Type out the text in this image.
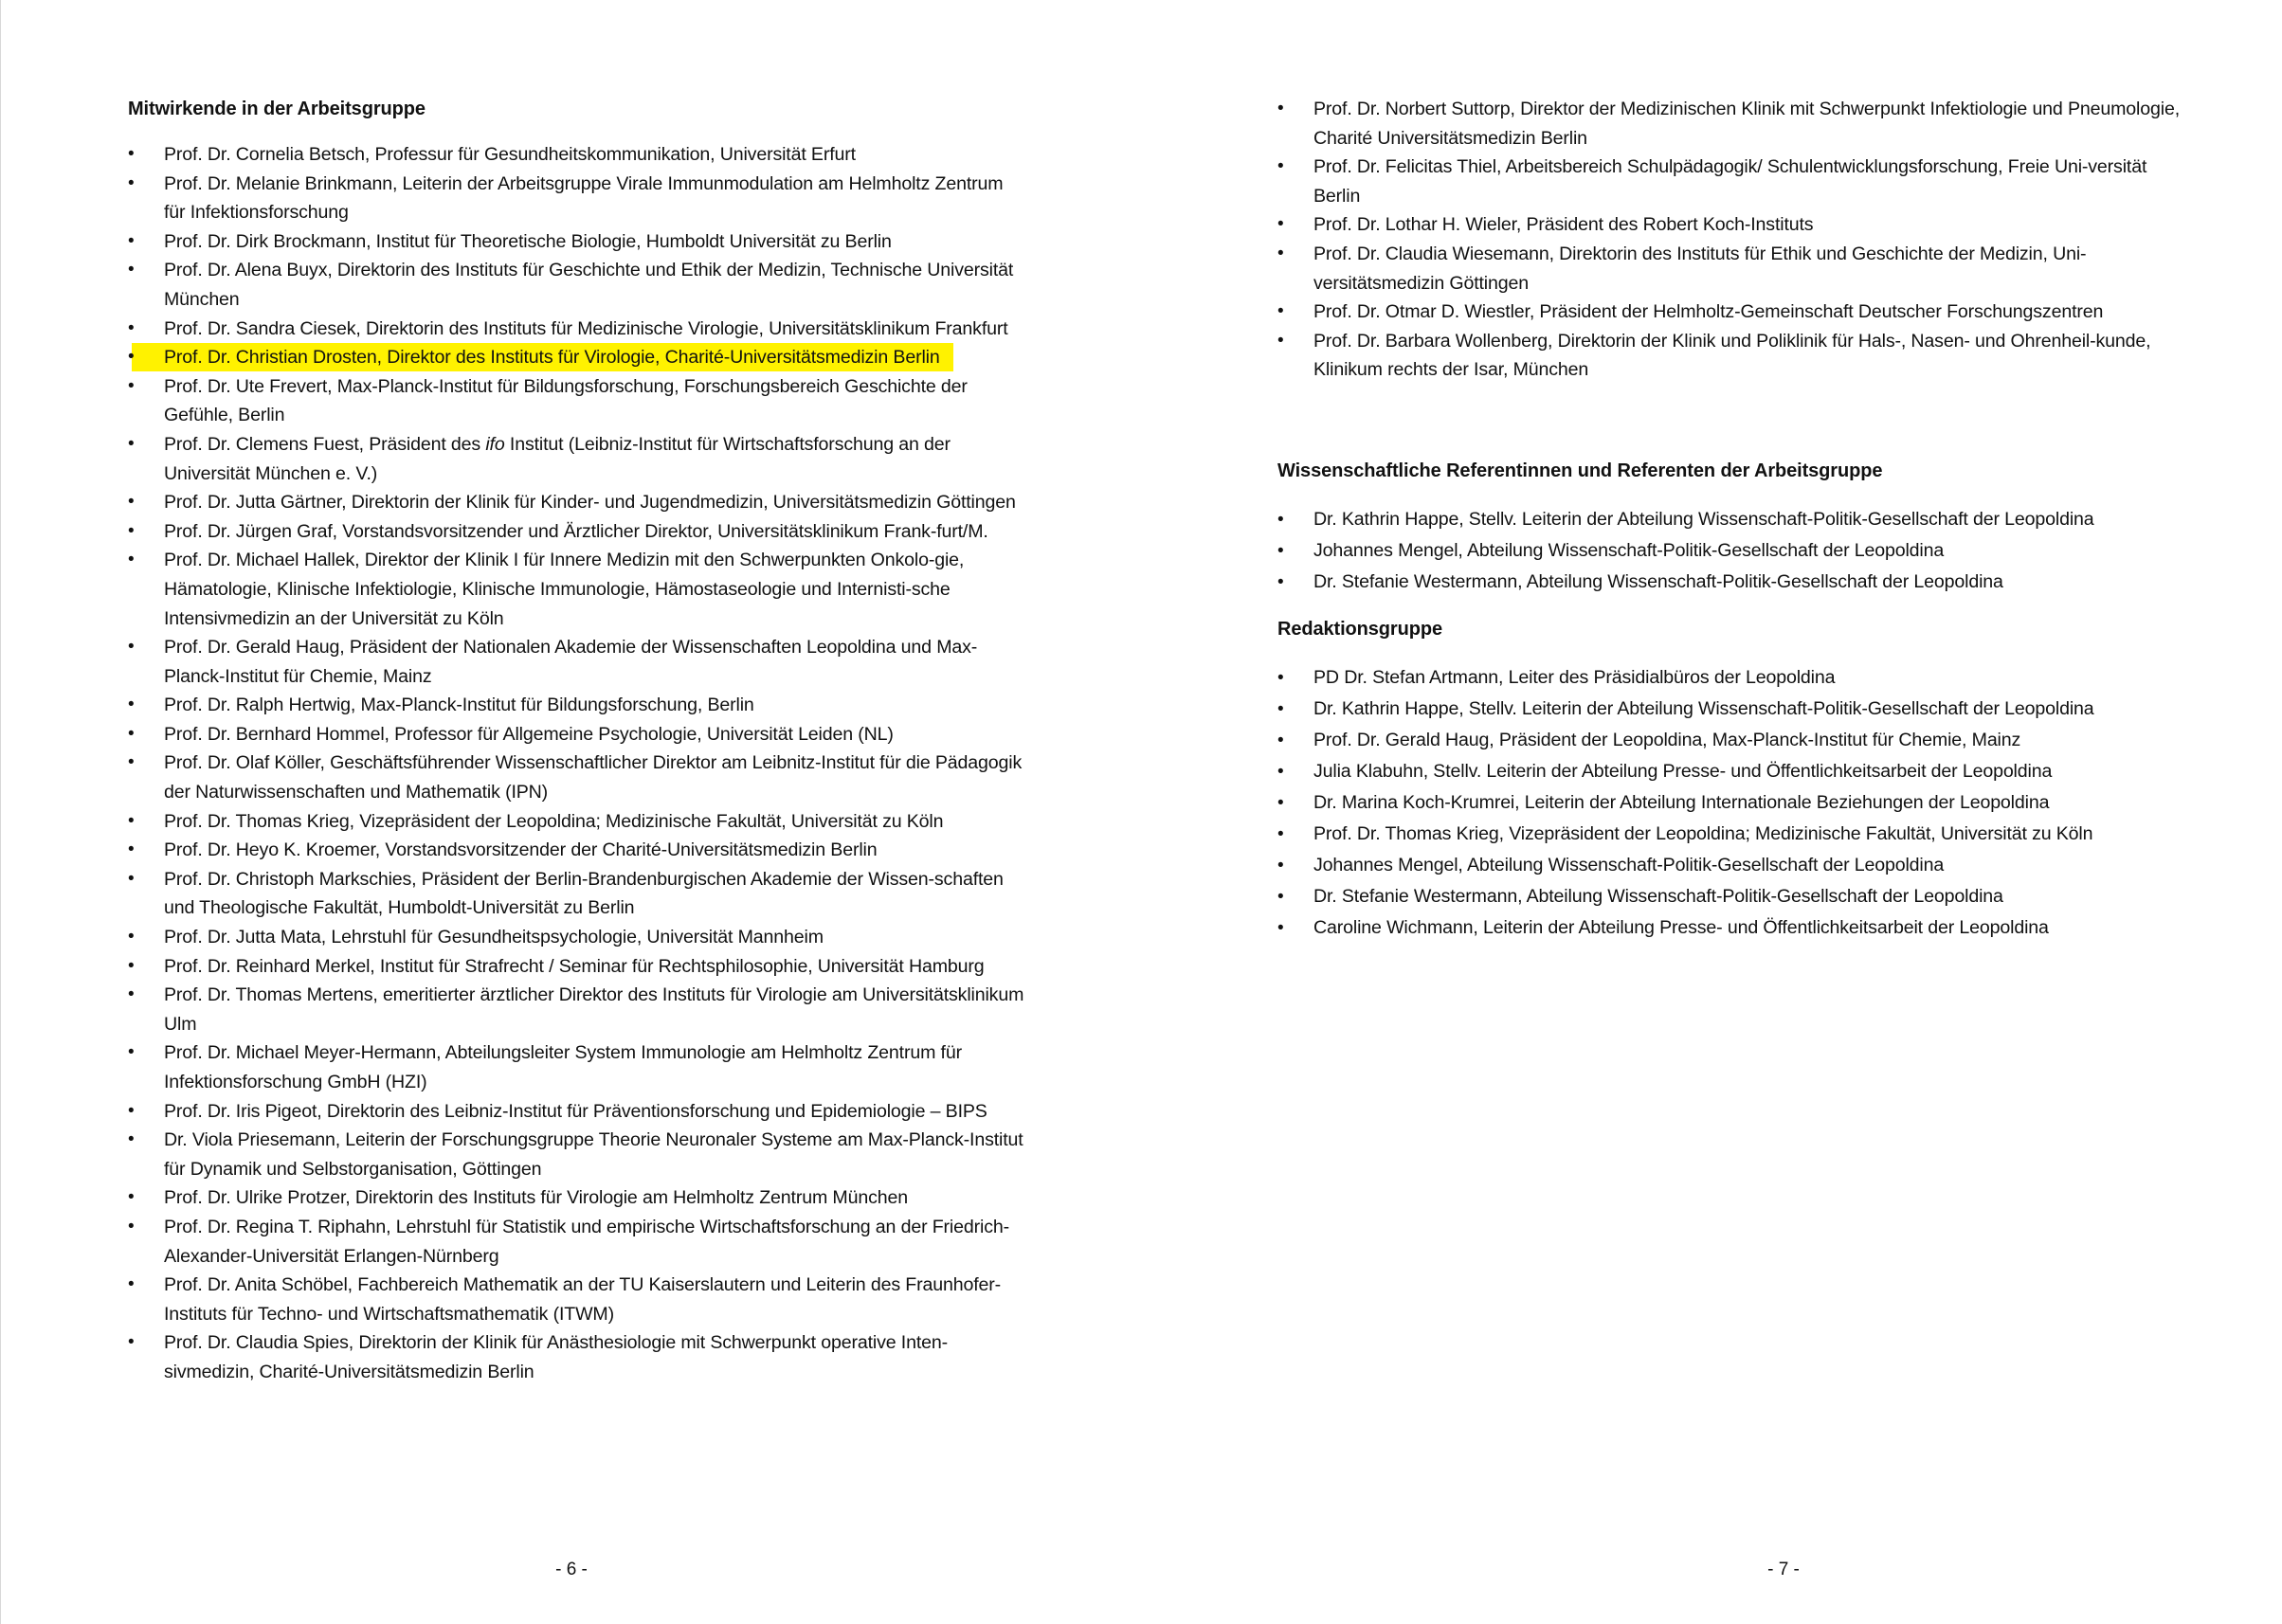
Mitwirkende in der Arbeitsgruppe
•	Prof. Dr. Cornelia Betsch, Professur für Gesundheitskommunikation, Universität Erfurt
•	Prof. Dr. Melanie Brinkmann, Leiterin der Arbeitsgruppe Virale Immunmodulation am Helmholtz Zentrum für Infektionsforschung
•	Prof. Dr. Dirk Brockmann, Institut für Theoretische Biologie, Humboldt Universität zu Berlin
•	Prof. Dr. Alena Buyx, Direktorin des Instituts für Geschichte und Ethik der Medizin, Technische Universität München
•	Prof. Dr. Sandra Ciesek, Direktorin des Instituts für Medizinische Virologie, Universitätsklinikum Frankfurt
•	Prof. Dr. Christian Drosten, Direktor des Instituts für Virologie, Charité-Universitätsmedizin Berlin
•	Prof. Dr. Ute Frevert, Max-Planck-Institut für Bildungsforschung, Forschungsbereich Geschichte der Gefühle, Berlin
•	Prof. Dr. Clemens Fuest, Präsident des ifo Institut (Leibniz-Institut für Wirtschaftsforschung an der Universität München e. V.)
•	Prof. Dr. Jutta Gärtner, Direktorin der Klinik für Kinder- und Jugendmedizin, Universitätsmedizin Göttingen
•	Prof. Dr. Jürgen Graf, Vorstandsvorsitzender und Ärztlicher Direktor, Universitätsklinikum Frank-furt/M.
•	Prof. Dr. Michael Hallek, Direktor der Klinik I für Innere Medizin mit den Schwerpunkten Onkolo-gie, Hämatologie, Klinische Infektiologie, Klinische Immunologie, Hämostaseologie und Internisti-sche Intensivmedizin an der Universität zu Köln
•	Prof. Dr. Gerald Haug, Präsident der Nationalen Akademie der Wissenschaften Leopoldina und Max-Planck-Institut für Chemie, Mainz
•	Prof. Dr. Ralph Hertwig, Max-Planck-Institut für Bildungsforschung, Berlin
•	Prof. Dr. Bernhard Hommel, Professor für Allgemeine Psychologie, Universität Leiden (NL)
•	Prof. Dr. Olaf Köller, Geschäftsführender Wissenschaftlicher Direktor am Leibnitz-Institut für die Pädagogik der Naturwissenschaften und Mathematik (IPN)
•	Prof. Dr. Thomas Krieg, Vizepräsident der Leopoldina; Medizinische Fakultät, Universität zu Köln
•	Prof. Dr. Heyo K. Kroemer, Vorstandsvorsitzender der Charité-Universitätsmedizin Berlin
•	Prof. Dr. Christoph Markschies, Präsident der Berlin-Brandenburgischen Akademie der Wissen-schaften und Theologische Fakultät, Humboldt-Universität zu Berlin
•	Prof. Dr. Jutta Mata, Lehrstuhl für Gesundheitspsychologie, Universität Mannheim
•	Prof. Dr. Reinhard Merkel, Institut für Strafrecht / Seminar für Rechtsphilosophie, Universität Hamburg
•	Prof. Dr. Thomas Mertens, emeritierter ärztlicher Direktor des Instituts für Virologie am Universitätsklinikum Ulm
•	Prof. Dr. Michael Meyer-Hermann, Abteilungsleiter System Immunologie am Helmholtz Zentrum für Infektionsforschung GmbH (HZI)
•	Prof. Dr. Iris Pigeot, Direktorin des Leibniz-Institut für Präventionsforschung und Epidemiologie – BIPS
•	Dr. Viola Priesemann, Leiterin der Forschungsgruppe Theorie Neuronaler Systeme am Max-Planck-Institut für Dynamik und Selbstorganisation, Göttingen
•	Prof. Dr. Ulrike Protzer, Direktorin des Instituts für Virologie am Helmholtz Zentrum München
•	Prof. Dr. Regina T. Riphahn, Lehrstuhl für Statistik und empirische Wirtschaftsforschung an der Friedrich-Alexander-Universität Erlangen-Nürnberg
•	Prof. Dr. Anita Schöbel, Fachbereich Mathematik an der TU Kaiserslautern und Leiterin des Fraunhofer-Instituts für Techno- und Wirtschaftsmathematik (ITWM)
•	Prof. Dr. Claudia Spies, Direktorin der Klinik für Anästhesiologie mit Schwerpunkt operative Inten-sivmedizin, Charité-Universitätsmedizin Berlin
- 6 -
•	Prof. Dr. Norbert Suttorp, Direktor der Medizinischen Klinik mit Schwerpunkt Infektiologie und Pneumologie, Charité Universitätsmedizin Berlin
•	Prof. Dr. Felicitas Thiel, Arbeitsbereich Schulpädagogik/ Schulentwicklungsforschung, Freie Uni-versität Berlin
•	Prof. Dr. Lothar H. Wieler, Präsident des Robert Koch-Instituts
•	Prof. Dr. Claudia Wiesemann, Direktorin des Instituts für Ethik und Geschichte der Medizin, Uni-versitätsmedizin Göttingen
•	Prof. Dr. Otmar D. Wiestler, Präsident der Helmholtz-Gemeinschaft Deutscher Forschungszentren
•	Prof. Dr. Barbara Wollenberg, Direktorin der Klinik und Poliklinik für Hals-, Nasen- und Ohrenheil-kunde, Klinikum rechts der Isar, München
Wissenschaftliche Referentinnen und Referenten der Arbeitsgruppe
•	Dr. Kathrin Happe, Stellv. Leiterin der Abteilung Wissenschaft-Politik-Gesellschaft der Leopoldina
•	Johannes Mengel, Abteilung Wissenschaft-Politik-Gesellschaft der Leopoldina
•	Dr. Stefanie Westermann, Abteilung Wissenschaft-Politik-Gesellschaft der Leopoldina
Redaktionsgruppe
•	PD Dr. Stefan Artmann, Leiter des Präsidialbüros der Leopoldina
•	Dr. Kathrin Happe, Stellv. Leiterin der Abteilung Wissenschaft-Politik-Gesellschaft der Leopoldina
•	Prof. Dr. Gerald Haug, Präsident der Leopoldina, Max-Planck-Institut für Chemie, Mainz
•	Julia Klabuhn, Stellv. Leiterin der Abteilung Presse- und Öffentlichkeitsarbeit der Leopoldina
•	Dr. Marina Koch-Krumrei, Leiterin der Abteilung Internationale Beziehungen der Leopoldina
•	Prof. Dr. Thomas Krieg, Vizepräsident der Leopoldina; Medizinische Fakultät, Universität zu Köln
•	Johannes Mengel, Abteilung Wissenschaft-Politik-Gesellschaft der Leopoldina
•	Dr. Stefanie Westermann, Abteilung Wissenschaft-Politik-Gesellschaft der Leopoldina
•	Caroline Wichmann, Leiterin der Abteilung Presse- und Öffentlichkeitsarbeit der Leopoldina
- 7 -
